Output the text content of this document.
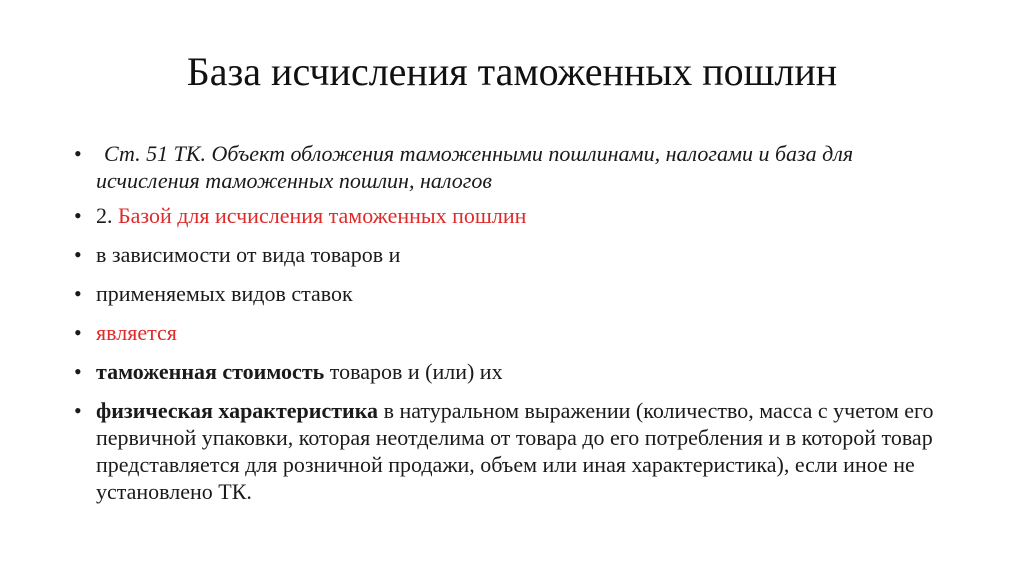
База исчисления таможенных пошлин
• Ст. 51 ТК. Объект обложения таможенными пошлинами, налогами и база для исчисления таможенных пошлин, налогов
• 2. Базой для исчисления таможенных пошлин
• в зависимости от вида товаров и
• применяемых видов ставок
• является
• таможенная стоимость товаров и (или) их
• физическая характеристика в натуральном выражении (количество, масса с учетом его первичной упаковки, которая неотделима от товара до его потребления и в которой товар представляется для розничной продажи, объем или иная характеристика), если иное не установлено ТК.
